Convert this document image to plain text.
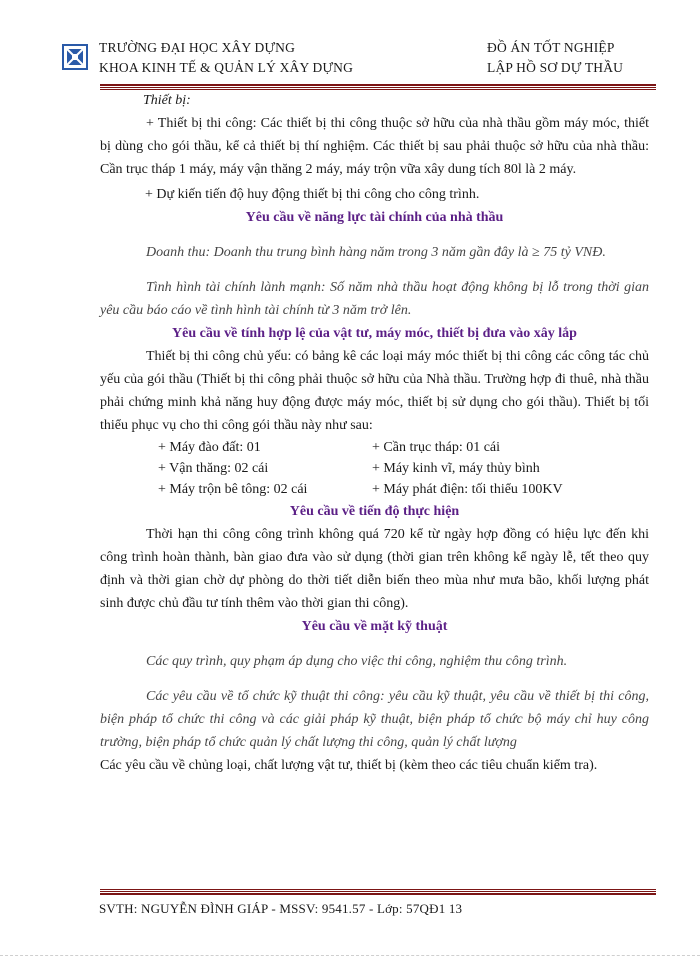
TRƯỜNG ĐẠI HỌC XÂY DỰNG
KHOA KINH TẾ & QUẢN LÝ XÂY DỰNG
ĐỒ ÁN TỐT NGHIỆP
LẬP HỒ SƠ DỰ THẦU

Thiết bị:

+ Thiết bị thi công: Các thiết bị thi công thuộc sở hữu của nhà thầu gồm máy móc, thiết bị dùng cho gói thầu, kể cả thiết bị thí nghiệm. Các thiết bị sau phải thuộc sở hữu của nhà thầu: Cần trục tháp 1 máy, máy vận thăng 2 máy, máy trộn vữa xây dung tích 80l là 2 máy.

+ Dự kiến tiến độ huy động thiết bị thi công cho công trình.

Yêu cầu về năng lực tài chính của nhà thầu

Doanh thu: Doanh thu trung bình hàng năm trong 3 năm gần đây là ≥ 75 tỷ VNĐ.

Tình hình tài chính lành mạnh: Số năm nhà thầu hoạt động không bị lỗ trong thời gian yêu cầu báo cáo về tình hình tài chính từ 3 năm trở lên.

Yêu cầu về tính hợp lệ của vật tư, máy móc, thiết bị đưa vào xây lắp

Thiết bị thi công chủ yếu: có bảng kê các loại máy móc thiết bị thi công các công tác chủ yếu của gói thầu (Thiết bị thi công phải thuộc sở hữu của Nhà thầu. Trường hợp đi thuê, nhà thầu phải chứng minh khả năng huy động được máy móc, thiết bị sử dụng cho gói thầu). Thiết bị tối thiểu phục vụ cho thi công gói thầu này như sau:

+ Máy đào đất: 01	+ Cần trục tháp: 01 cái
+ Vận thăng: 02 cái	+ Máy kinh vĩ, máy thủy bình
+ Máy trộn bê tông: 02 cái	+ Máy phát điện: tối thiểu 100KV

Yêu cầu về tiến độ thực hiện

Thời hạn thi công công trình không quá 720 kể từ ngày hợp đồng có hiệu lực đến khi công trình hoàn thành, bàn giao đưa vào sử dụng (thời gian trên không kể ngày lễ, tết theo quy định và thời gian chờ dự phòng do thời tiết diễn biến theo mùa như mưa bão, khối lượng phát sinh được chủ đầu tư tính thêm vào thời gian thi công).

Yêu cầu về mặt kỹ thuật

Các quy trình, quy phạm áp dụng cho việc thi công, nghiệm thu công trình.

Các yêu cầu về tổ chức kỹ thuật thi công: yêu cầu kỹ thuật, yêu cầu về thiết bị thi công, biện pháp tổ chức thi công và các giải pháp kỹ thuật, biện pháp tổ chức bộ máy chỉ huy công trường, biện pháp tổ chức quản lý chất lượng thi công, quản lý chất lượng

Các yêu cầu về chủng loại, chất lượng vật tư, thiết bị (kèm theo các tiêu chuẩn kiểm tra).

SVTH: NGUYỄN ĐÌNH GIÁP - MSSV: 9541.57 - Lớp: 57QĐ1 13
